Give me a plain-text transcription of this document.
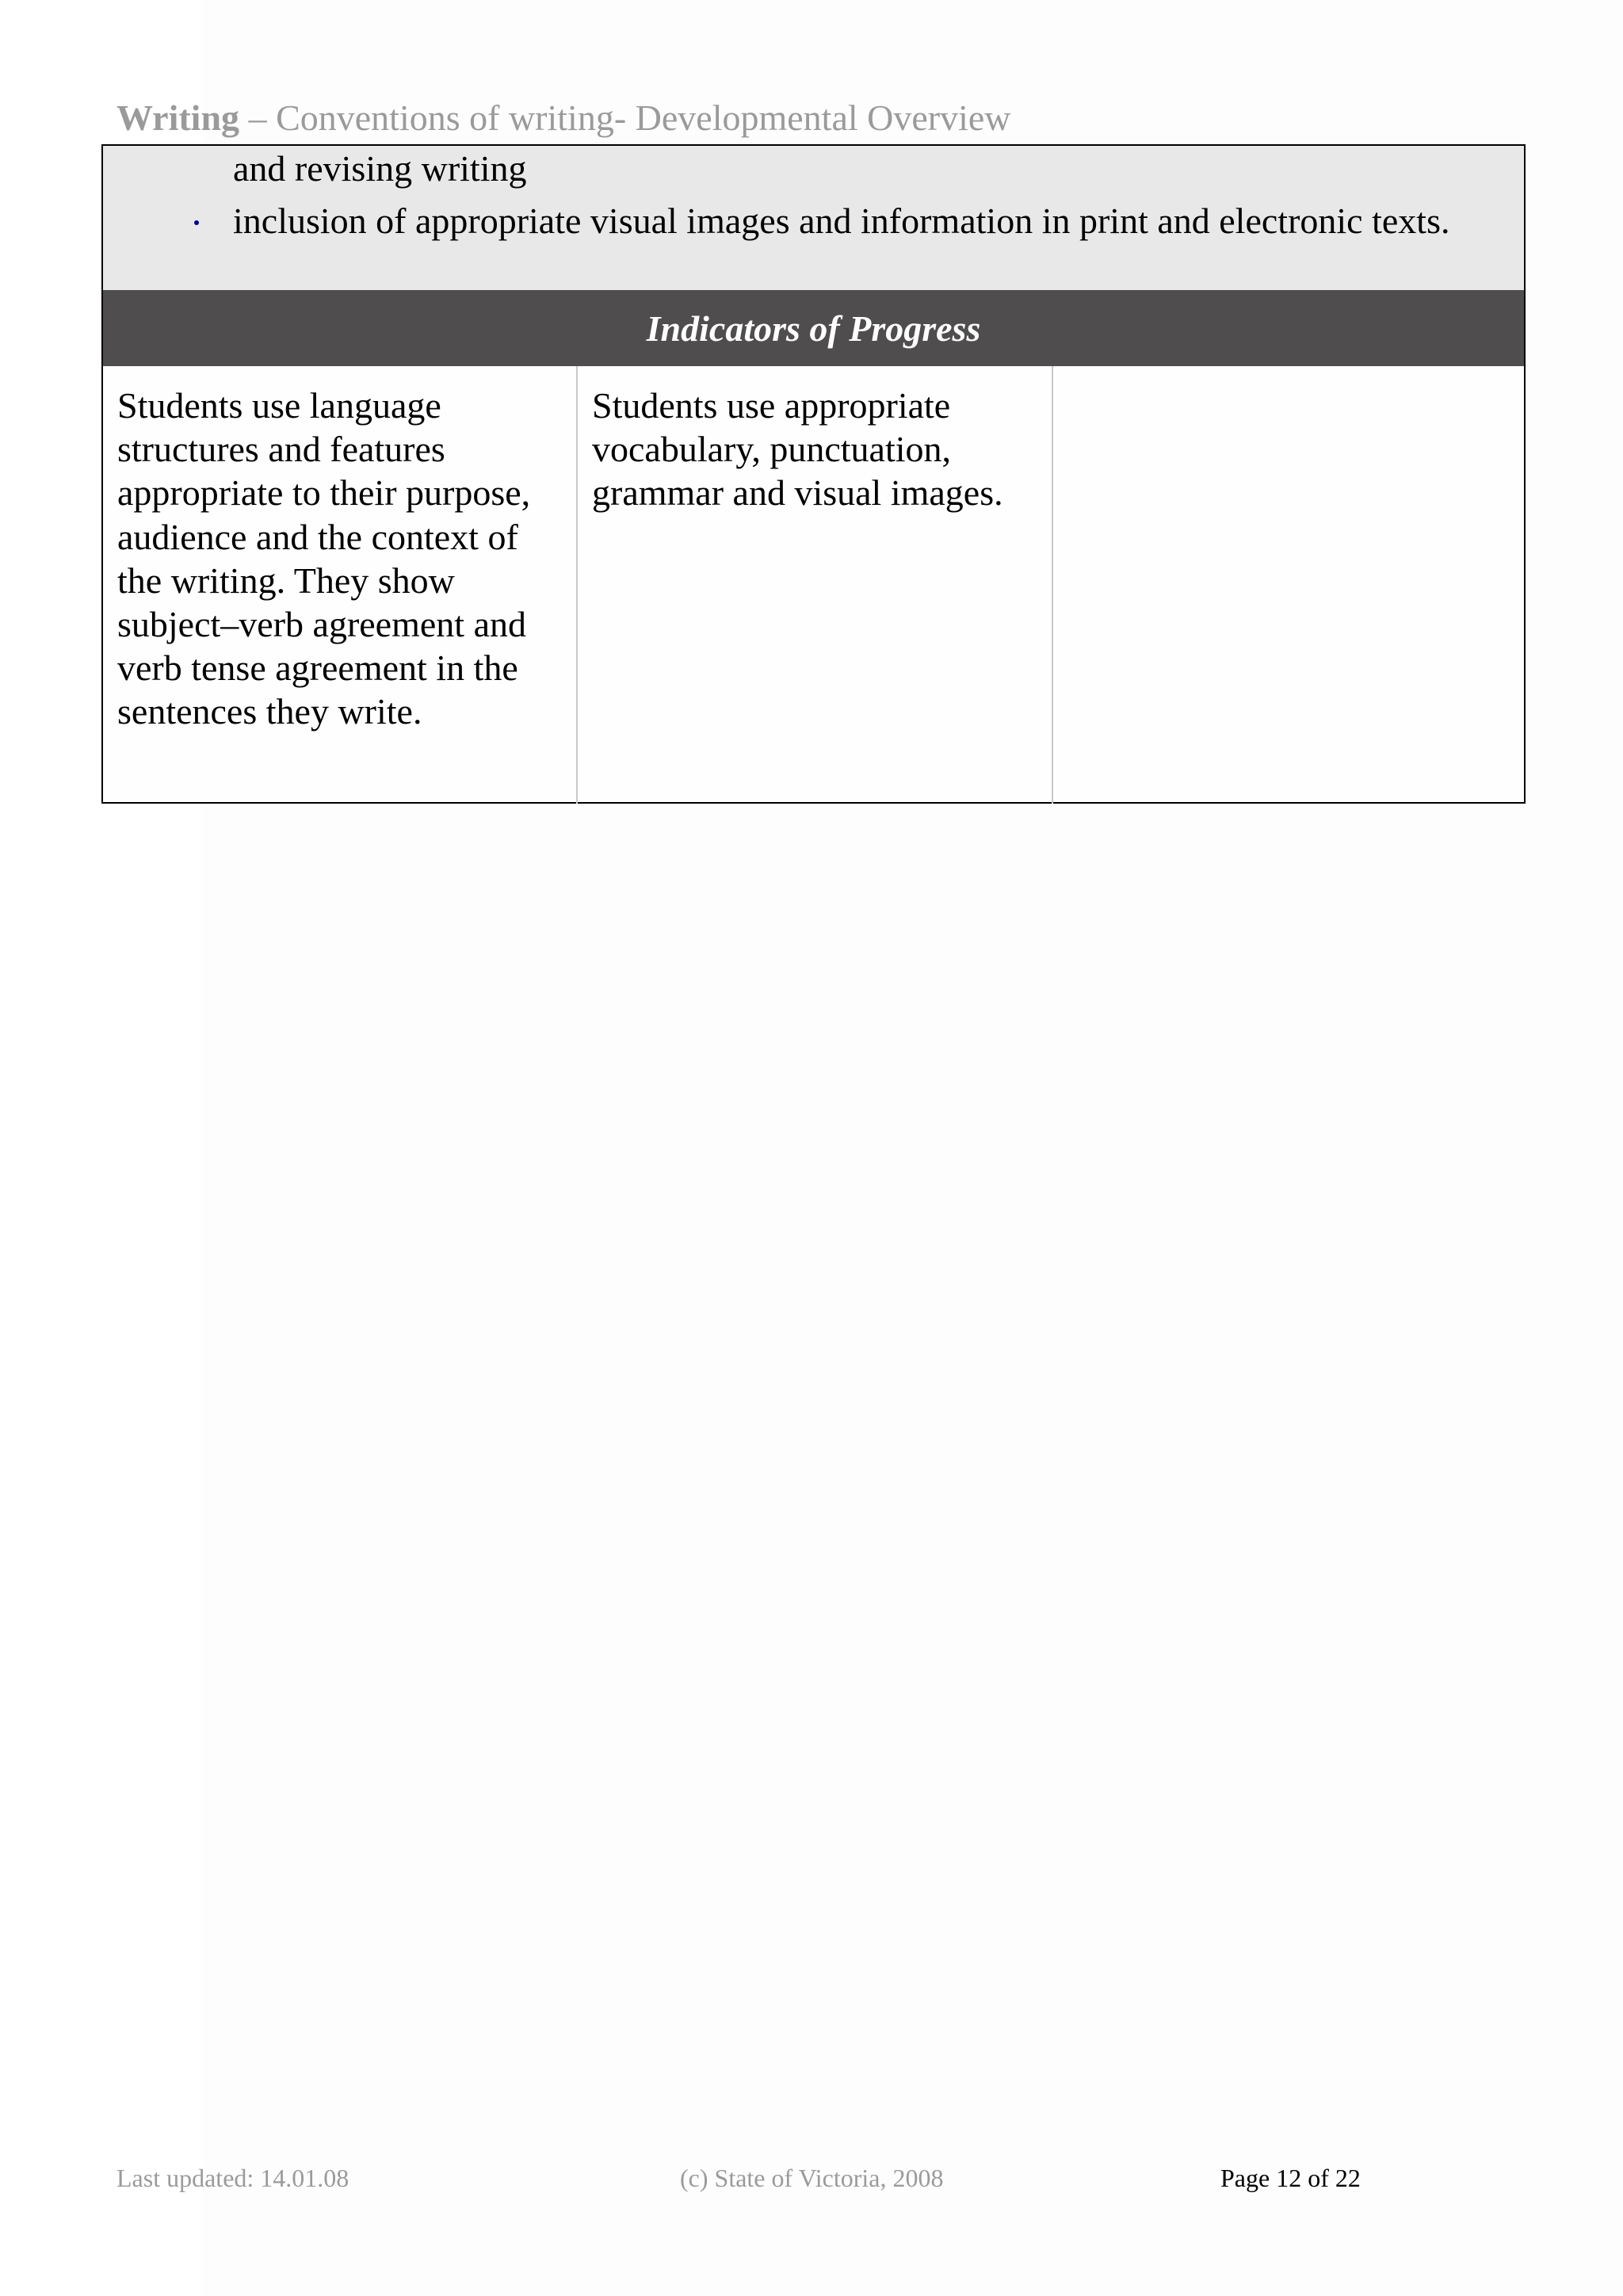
Writing – Conventions of writing- Developmental Overview
and revising writing
inclusion of appropriate visual images and information in print and electronic texts.
Indicators of Progress
Students use language structures and features appropriate to their purpose, audience and the context of the writing. They show subject–verb agreement and verb tense agreement in the sentences they write.
Students use appropriate vocabulary, punctuation, grammar and visual images.
Last updated: 14.01.08	(c) State of Victoria, 2008	Page 12 of 22
